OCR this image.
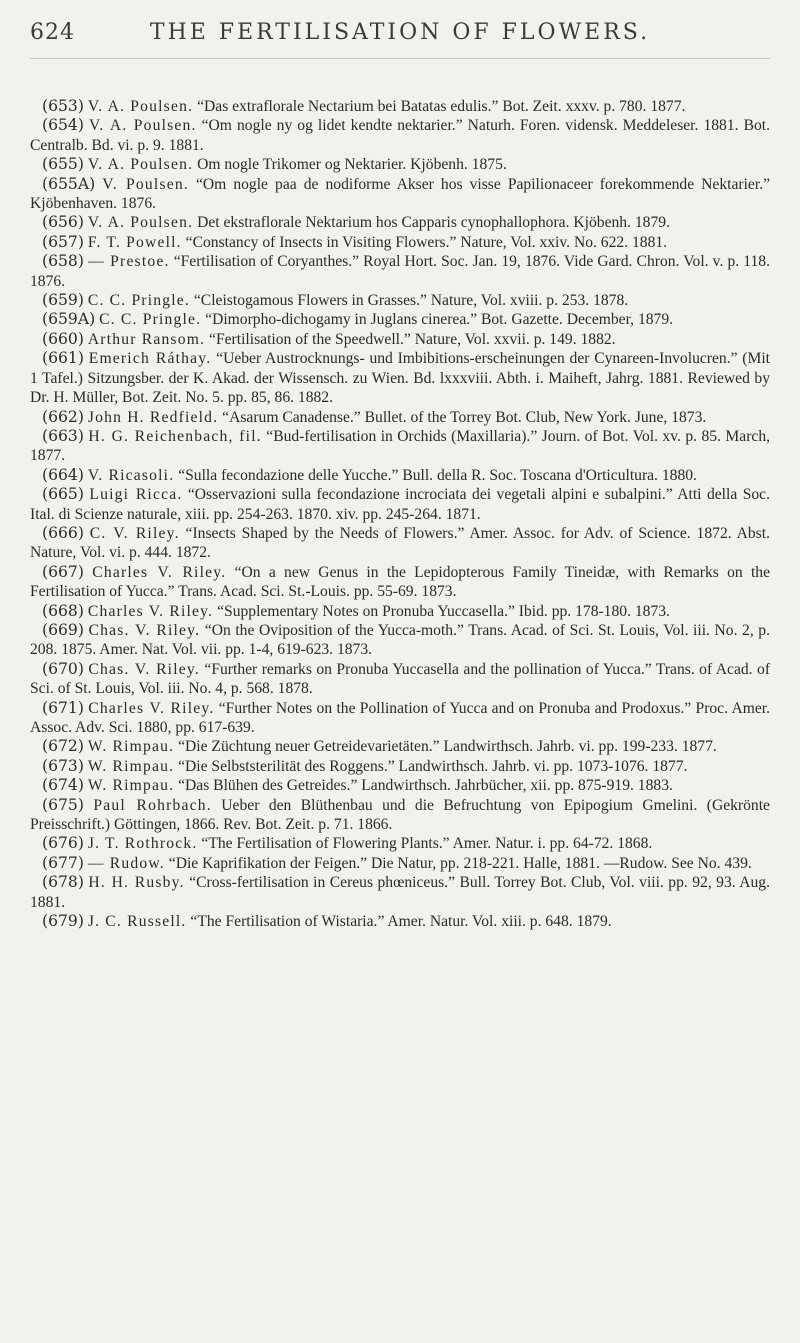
624	THE FERTILISATION OF FLOWERS.

(653) V. A. Poulsen. “Das extraflorale Nectarium bei Batatas edulis.” Bot. Zeit. xxxv. p. 780. 1877.

(654) V. A. Poulsen. “Om nogle ny og lidet kendte nektarier.” Naturh. Foren. vidensk. Meddeleser. 1881. Bot. Centralb. Bd. vi. p. 9. 1881.

(655) V. A. Poulsen. Om nogle Trikomer og Nektarier. Kjöbenh. 1875.

(655A) V. Poulsen. “Om nogle paa de nodiforme Akser hos visse Papilionaceer forekommende Nektarier.” Kjöbenhaven. 1876.

(656) V. A. Poulsen. Det ekstraflorale Nektarium hos Capparis cynophallophora. Kjöbenh. 1879.

(657) F. T. Powell. “Constancy of Insects in Visiting Flowers.” Nature, Vol. xxiv. No. 622. 1881.

(658) — Prestoe. “Fertilisation of Coryanthes.” Royal Hort. Soc. Jan. 19, 1876. Vide Gard. Chron. Vol. v. p. 118. 1876.

(659) C. C. Pringle. “Cleistogamous Flowers in Grasses.” Nature, Vol. xviii. p. 253. 1878.

(659A) C. C. Pringle. “Dimorpho-dichogamy in Juglans cinerea.” Bot. Gazette. December, 1879.

(660) Arthur Ransom. “Fertilisation of the Speedwell.” Nature, Vol. xxvii. p. 149. 1882.

(661) Emerich Ráthay. “Ueber Austrocknungs- und Imbibitions-erscheinungen der Cynareen-Involucren.” (Mit 1 Tafel.) Sitzungsber. der K. Akad. der Wissensch. zu Wien. Bd. lxxxviii. Abth. i. Maiheft, Jahrg. 1881. Reviewed by Dr. H. Müller, Bot. Zeit. No. 5. pp. 85, 86. 1882.

(662) John H. Redfield. “Asarum Canadense.” Bullet. of the Torrey Bot. Club, New York. June, 1873.

(663) H. G. Reichenbach, fil. “Bud-fertilisation in Orchids (Maxillaria).” Journ. of Bot. Vol. xv. p. 85. March, 1877.

(664) V. Ricasoli. “Sulla fecondazione delle Yucche.” Bull. della R. Soc. Toscana d'Orticultura. 1880.

(665) Luigi Ricca. “Osservazioni sulla fecondazione incrociata dei vegetali alpini e subalpini.” Atti della Soc. Ital. di Scienze naturale, xiii. pp. 254-263. 1870. xiv. pp. 245-264. 1871.

(666) C. V. Riley. “Insects Shaped by the Needs of Flowers.” Amer. Assoc. for Adv. of Science. 1872. Abst. Nature, Vol. vi. p. 444. 1872.

(667) Charles V. Riley. “On a new Genus in the Lepidopterous Family Tineidæ, with Remarks on the Fertilisation of Yucca.” Trans. Acad. Sci. St.-Louis. pp. 55-69. 1873.

(668) Charles V. Riley. “Supplementary Notes on Pronuba Yuccasella.” Ibid. pp. 178-180. 1873.

(669) Chas. V. Riley. “On the Oviposition of the Yucca-moth.” Trans. Acad. of Sci. St. Louis, Vol. iii. No. 2, p. 208. 1875. Amer. Nat. Vol. vii. pp. 1-4, 619-623. 1873.

(670) Chas. V. Riley. “Further remarks on Pronuba Yuccasella and the pollination of Yucca.” Trans. of Acad. of Sci. of St. Louis, Vol. iii. No. 4, p. 568. 1878.

(671) Charles V. Riley. “Further Notes on the Pollination of Yucca and on Pronuba and Prodoxus.” Proc. Amer. Assoc. Adv. Sci. 1880, pp. 617-639.

(672) W. Rimpau. “Die Züchtung neuer Getreidevarietäten.” Landwirthsch. Jahrb. vi. pp. 199-233. 1877.

(673) W. Rimpau. “Die Selbststerilität des Roggens.” Landwirthsch. Jahrb. vi. pp. 1073-1076. 1877.

(674) W. Rimpau. “Das Blühen des Getreides.” Landwirthsch. Jahrbücher, xii. pp. 875-919. 1883.

(675) Paul Rohrbach. Ueber den Blüthenbau und die Befruchtung von Epipogium Gmelini. (Gekrönte Preisschrift.) Göttingen, 1866. Rev. Bot. Zeit. p. 71. 1866.

(676) J. T. Rothrock. “The Fertilisation of Flowering Plants.” Amer. Natur. i. pp. 64-72. 1868.

(677) — Rudow. “Die Kaprifikation der Feigen.” Die Natur, pp. 218-221. Halle, 1881. —Rudow. See No. 439.

(678) H. H. Rusby. “Cross-fertilisation in Cereus phœniceus.” Bull. Torrey Bot. Club, Vol. viii. pp. 92, 93. Aug. 1881.

(679) J. C. Russell. “The Fertilisation of Wistaria.” Amer. Natur. Vol. xiii. p. 648. 1879.
